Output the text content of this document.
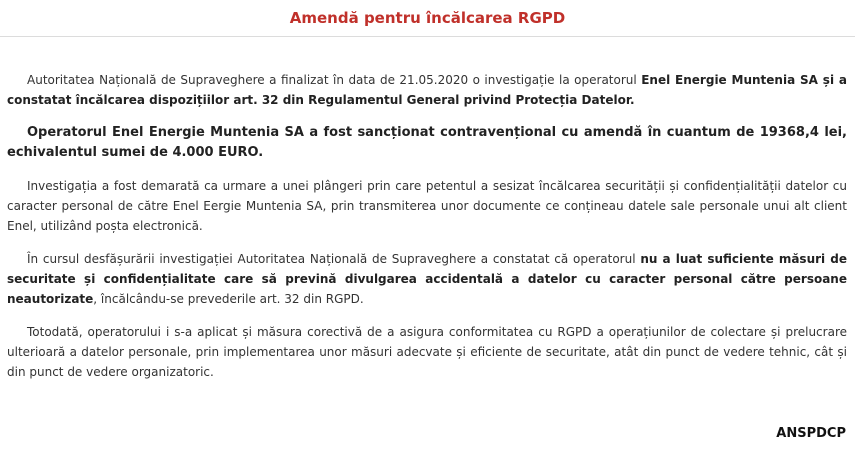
Amendă pentru încălcarea RGPD

Autoritatea Națională de Supraveghere a finalizat în data de 21.05.2020 o investigație la operatorul Enel Energie Muntenia SA și a constatat încălcarea dispozițiilor art. 32 din Regulamentul General privind Protecția Datelor.

Operatorul Enel Energie Muntenia SA a fost sancționat contravențional cu amendă în cuantum de 19368,4 lei, echivalentul sumei de 4.000 EURO.

Investigația a fost demarată ca urmare a unei plângeri prin care petentul a sesizat încălcarea securității și confidențialității datelor cu caracter personal de către Enel Eergie Muntenia SA, prin transmiterea unor documente ce conțineau datele sale personale unui alt client Enel, utilizând poșta electronică.

În cursul desfășurării investigației Autoritatea Națională de Supraveghere a constatat că operatorul nu a luat suficiente măsuri de securitate și confidențialitate care să prevină divulgarea accidentală a datelor cu caracter personal către persoane neautorizate, încălcându-se prevederile art. 32 din RGPD.

Totodată, operatorului i s-a aplicat și măsura corectivă de a asigura conformitatea cu RGPD a operațiunilor de colectare și prelucrare ulterioară a datelor personale, prin implementarea unor măsuri adecvate și eficiente de securitate, atât din punct de vedere tehnic, cât și din punct de vedere organizatoric.

ANSPDCP
